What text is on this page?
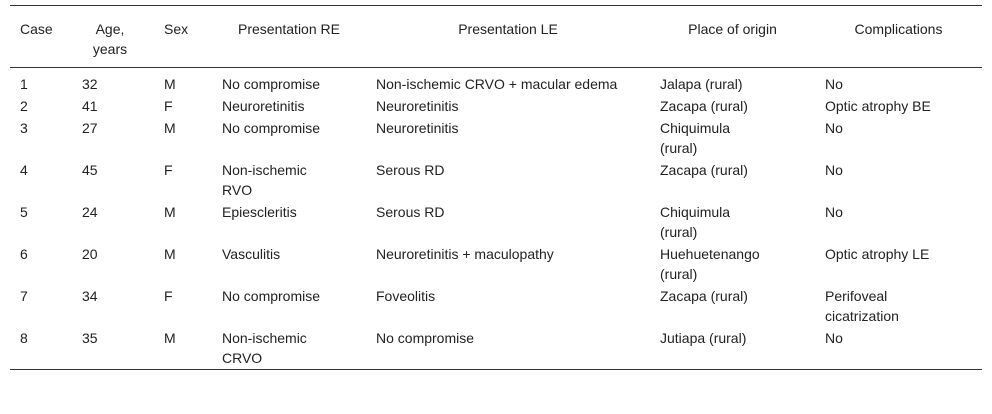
Case	Age, years	Sex	Presentation RE	Presentation LE	Place of origin	Complications
1	32	M	No compromise	Non-ischemic CRVO + macular edema	Jalapa (rural)	No
2	41	F	Neuroretinitis	Neuroretinitis	Zacapa (rural)	Optic atrophy BE
3	27	M	No compromise	Neuroretinitis	Chiquimula (rural)	No
4	45	F	Non-ischemic RVO	Serous RD	Zacapa (rural)	No
5	24	M	Epiescleritis	Serous RD	Chiquimula (rural)	No
6	20	M	Vasculitis	Neuroretinitis + maculopathy	Huehuetenango (rural)	Optic atrophy LE
7	34	F	No compromise	Foveolitis	Zacapa (rural)	Perifoveal cicatrization
8	35	M	Non-ischemic CRVO	No compromise	Jutiapa (rural)	No
